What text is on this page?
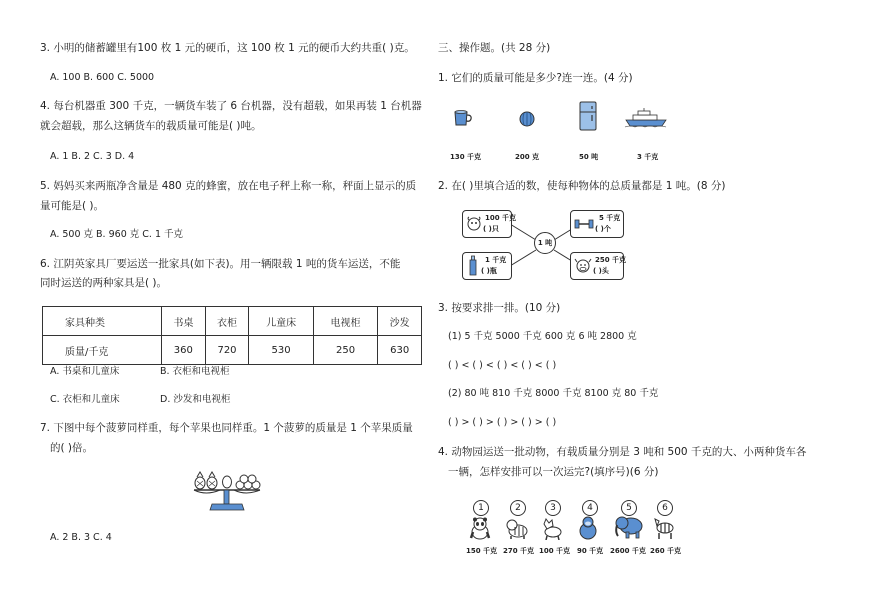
3. 小明的储蓄罐里有100 枚 1 元的硬币，这 100 枚 1 元的硬币大约共重( )克。
A. 100 B. 600 C. 5000
4. 每台机器重 300 千克，一辆货车装了 6 台机器，没有超载，如果再装 1 台机器
就会超载，那么这辆货车的载质量可能是( )吨。
A. 1 B. 2 C. 3 D. 4
5. 妈妈买来两瓶净含量是 480 克的蜂蜜，放在电子秤上称一称，秤面上显示的质
量可能是( )。
A. 500 克 B. 960 克 C. 1 千克
6. 江阴英家具厂要运送一批家具(如下表)。用一辆限载 1 吨的货车运送，不能
同时运送的两种家具是( )。
家具种类	书桌	衣柜	儿童床	电视柜	沙发
质量/千克	360	720	530	250	630
A. 书桌和儿童床	B. 衣柜和电视柜
C. 衣柜和儿童床	D. 沙发和电视柜
7. 下图中每个菠萝同样重，每个苹果也同样重。1 个菠萝的质量是 1 个苹果质量
的( )倍。
A. 2 B. 3 C. 4
三、操作题。(共 28 分)
1. 它们的质量可能是多少?连一连。(4 分)
130 千克	200 克	50 吨	3 千克
2. 在( )里填合适的数，使每种物体的总质量都是 1 吨。(8 分)
1 吨
100 千克
( )只
5 千克
( )个
1 千克
( )瓶
250 千克
( )头
3. 按要求排一排。(10 分)
(1) 5 千克 5000 千克 600 克 6 吨 2800 克
( ) < ( ) < ( ) < ( ) < ( )
(2) 80 吨 810 千克 8000 千克 8100 克 80 千克
( ) > ( ) > ( ) > ( ) > ( )
4. 动物园运送一批动物，有载质量分别是 3 吨和 500 千克的大、小两种货车各
一辆，怎样安排可以一次运完?(填序号)(6 分)
1	2	3	4	5	6
150 千克 270 千克 100 千克 90 千克 2600 千克 260 千克
